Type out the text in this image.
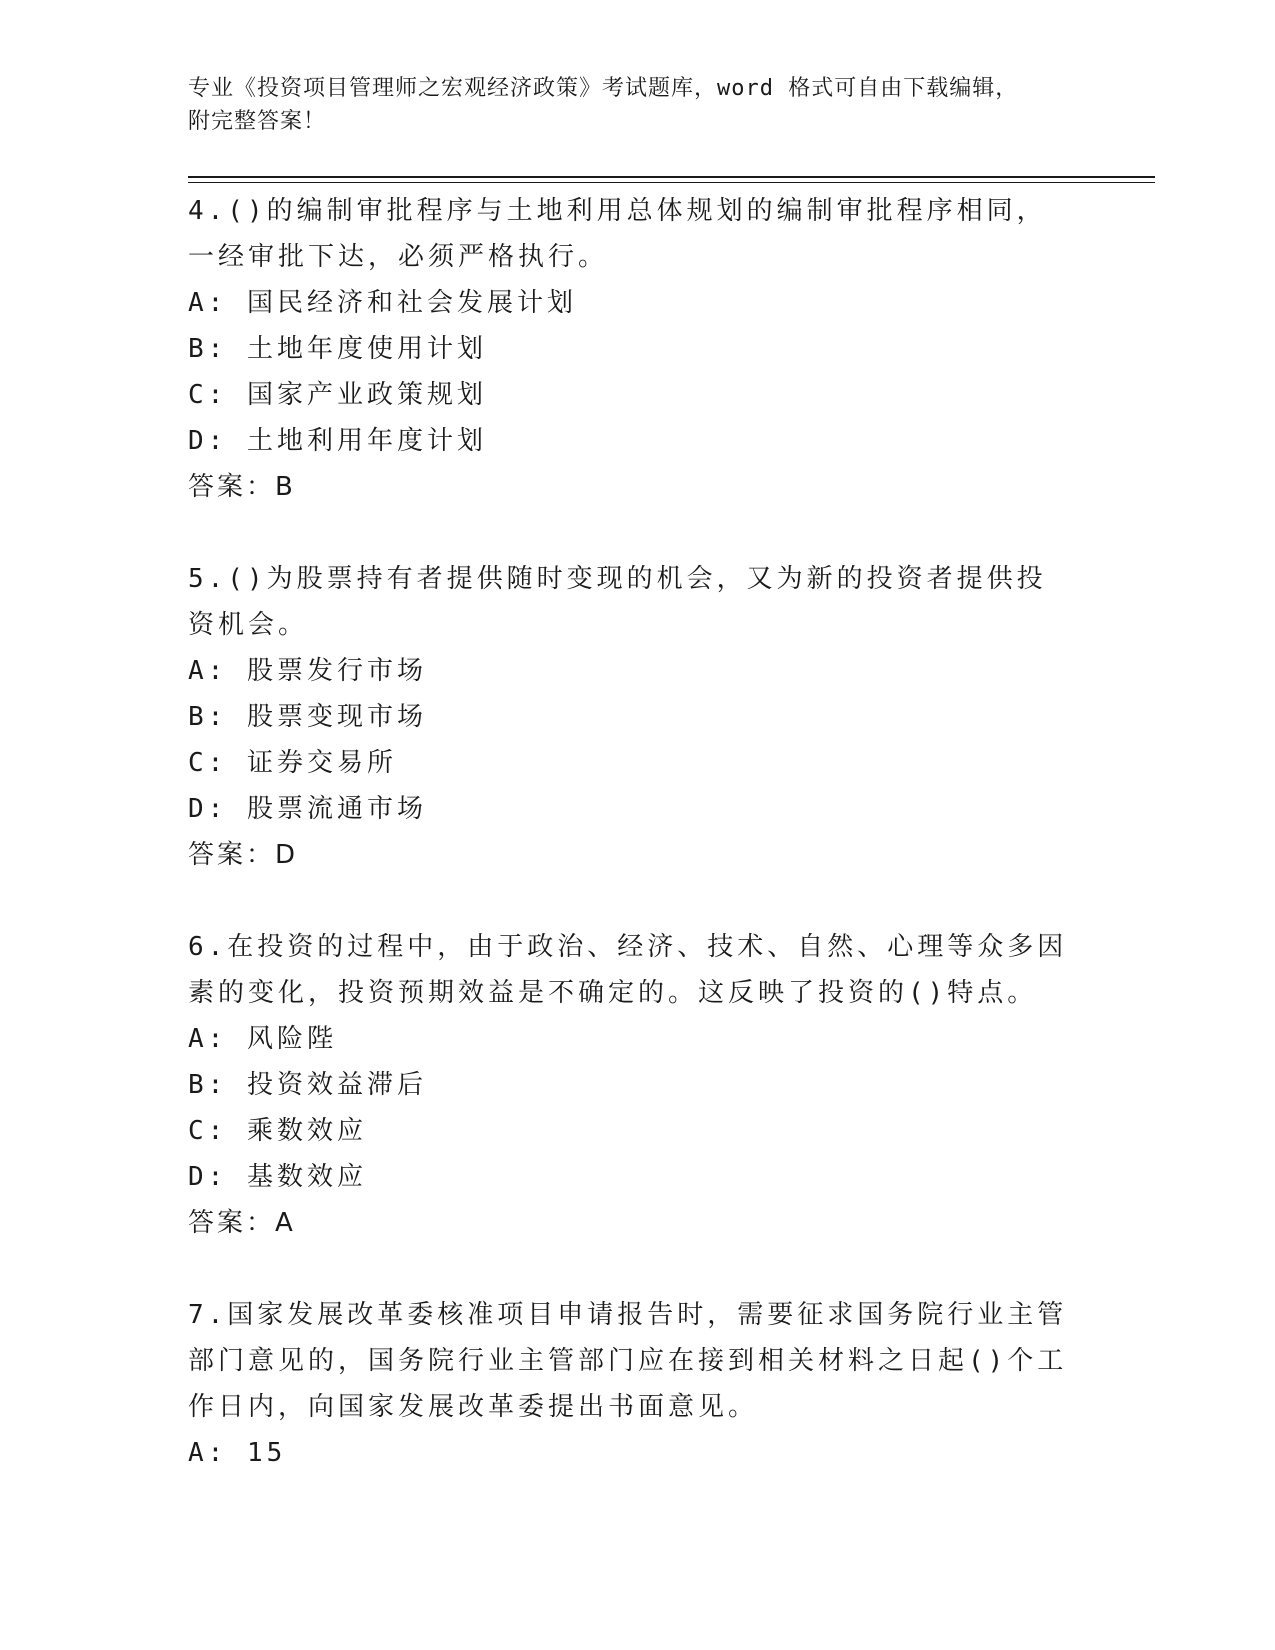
专业《投资项目管理师之宏观经济政策》考试题库，word 格式可自由下载编辑，
附完整答案！

4.()的编制审批程序与土地利用总体规划的编制审批程序相同，一经审批下达，必须严格执行。

A: 国民经济和社会发展计划

B: 土地年度使用计划

C: 国家产业政策规划

D: 土地利用年度计划

答案：B

5.()为股票持有者提供随时变现的机会，又为新的投资者提供投资机会。

A: 股票发行市场

B: 股票变现市场

C: 证券交易所

D: 股票流通市场

答案：D

6.在投资的过程中，由于政治、经济、技术、自然、心理等众多因素的变化，投资预期效益是不确定的。这反映了投资的()特点。

A: 风险陛

B: 投资效益滞后

C: 乘数效应

D: 基数效应

答案：A

7.国家发展改革委核准项目申请报告时，需要征求国务院行业主管部门意见的，国务院行业主管部门应在接到相关材料之日起()个工作日内，向国家发展改革委提出书面意见。

A: 15
